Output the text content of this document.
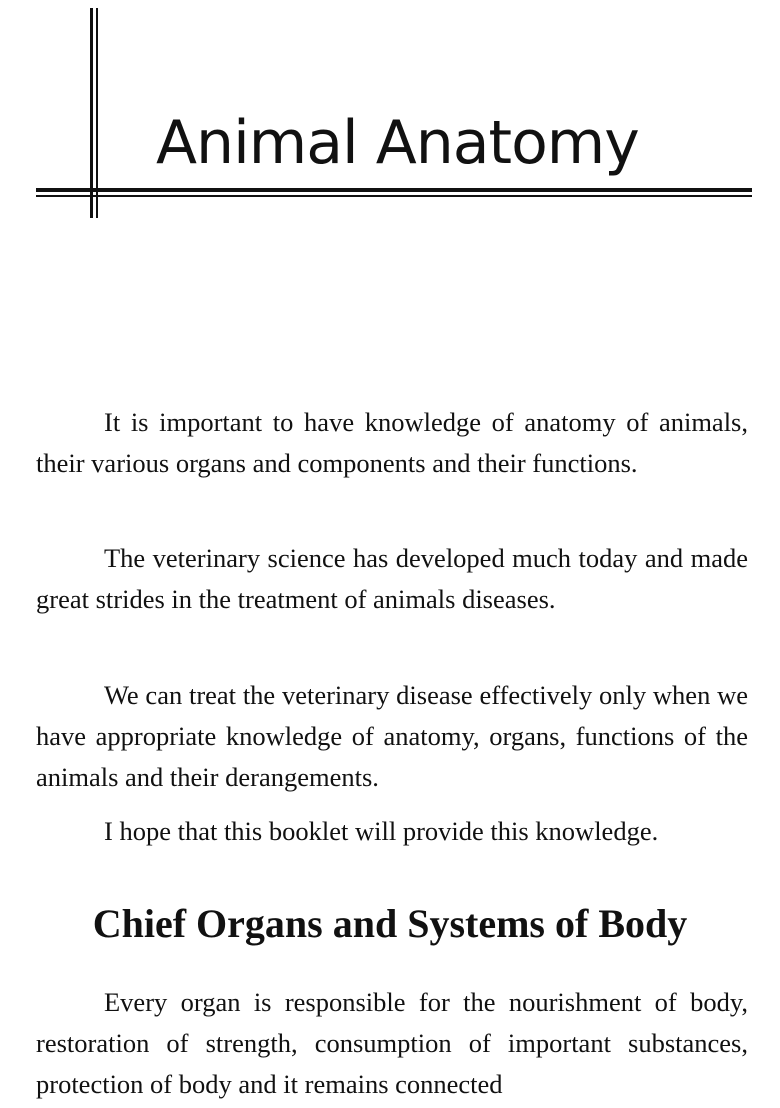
Animal Anatomy

It is important to have knowledge of anatomy of animals, their various organs and components and their functions.

The veterinary science has developed much today and made great strides in the treatment of animals diseases.

We can treat the veterinary disease effectively only when we have appropriate knowledge of anatomy, organs, functions of the animals and their derangements.

I hope that this booklet will provide this knowledge.

Chief Organs and Systems of Body

Every organ is responsible for the nourishment of body, restoration of strength, consumption of important substances, protection of body and it remains connected
